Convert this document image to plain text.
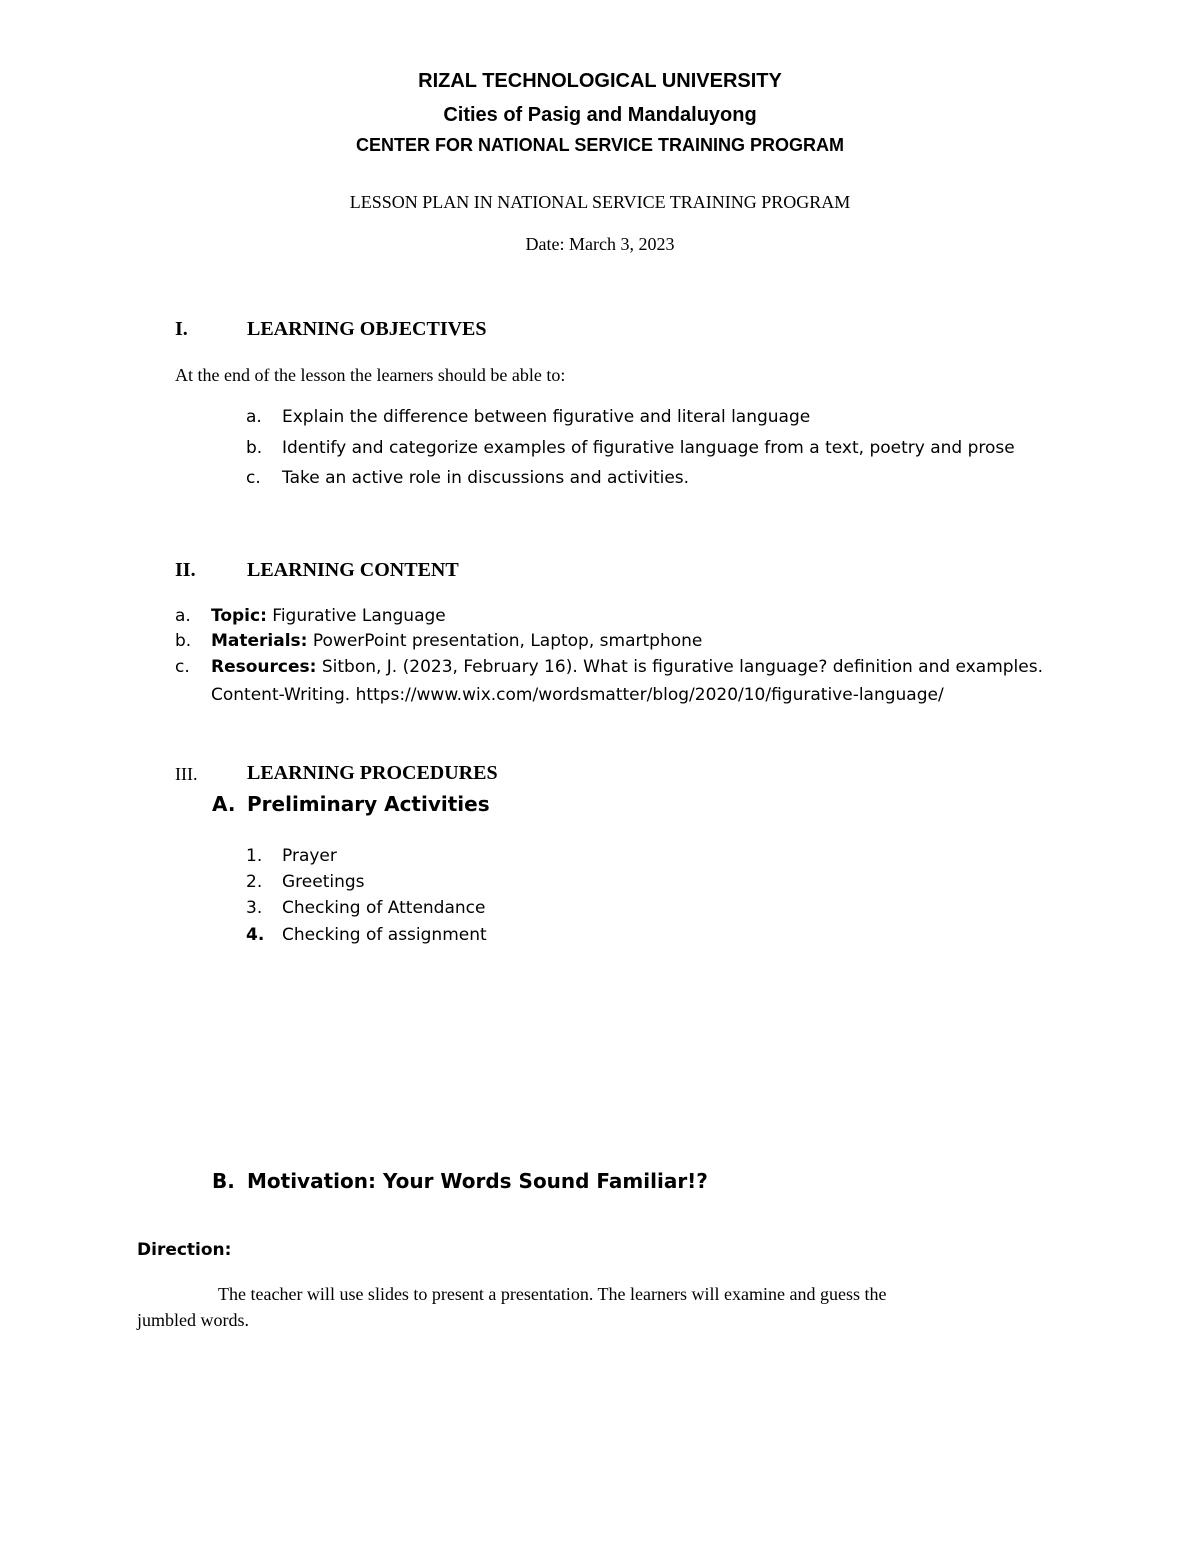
RIZAL TECHNOLOGICAL UNIVERSITY
Cities of Pasig and Mandaluyong
CENTER FOR NATIONAL SERVICE TRAINING PROGRAM
LESSON PLAN IN NATIONAL SERVICE TRAINING PROGRAM
Date: March 3, 2023
I.	LEARNING OBJECTIVES
At the end of the lesson the learners should be able to:
a. Explain the difference between figurative and literal language
b. Identify and categorize examples of figurative language from a text, poetry and prose
c. Take an active role in discussions and activities.
II.	LEARNING CONTENT
a. Topic: Figurative Language
b. Materials: PowerPoint presentation, Laptop, smartphone
c. Resources: Sitbon, J. (2023, February 16). What is figurative language? definition and examples.
Content-Writing. https://www.wix.com/wordsmatter/blog/2020/10/figurative-language/
III. LEARNING PROCEDURES
A. Preliminary Activities
1. Prayer
2. Greetings
3. Checking of Attendance
4. Checking of assignment
B. Motivation: Your Words Sound Familiar!?
Direction:
The teacher will use slides to present a presentation. The learners will examine and guess the
jumbled words.
